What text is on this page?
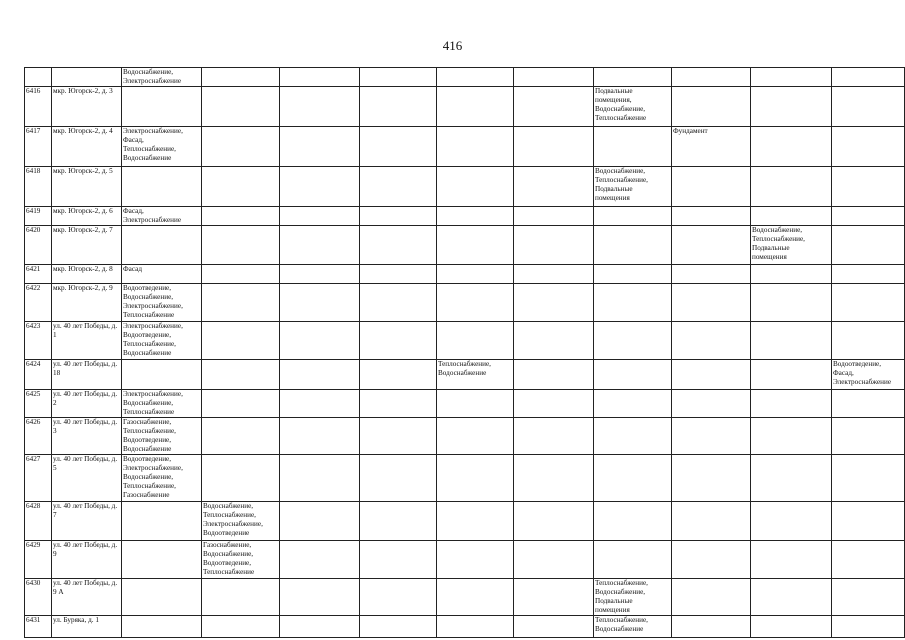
416

		Водоснабжение,
Электроснабжение										

6416	мкр. Югорск-2, д. 3							Подвальные
помещения,
Водоснабжение,
Теплоснабжение				

6417	мкр. Югорск-2, д. 4	Электроснабжение,
Фасад,
Теплоснабжение,
Водоснабжение							Фундамент			

6418	мкр. Югорск-2, д. 5							Водоснабжение,
Теплоснабжение,
Подвальные
помещения				

6419	мкр. Югорск-2, д. 6	Фасад,
Электроснабжение										

6420	мкр. Югорск-2, д. 7									Водоснабжение,
Теплоснабжение,
Подвальные
помещения		

6421	мкр. Югорск-2, д. 8	Фасад										

6422	мкр. Югорск-2, д. 9	Водоотведение,
Водоснабжение,
Электроснабжение,
Теплоснабжение										

6423	ул. 40 лет Победы, д. 1	Электроснабжение,
Водоотведение,
Теплоснабжение,
Водоснабжение										

6424	ул. 40 лет Победы, д. 18					Теплоснабжение,
Водоснабжение					Водоотведение,
Фасад,
Электроснабжение	

6425	ул. 40 лет Победы, д. 2	Электроснабжение,
Водоснабжение,
Теплоснабжение										

6426	ул. 40 лет Победы, д. 3	Газоснабжение,
Теплоснабжение,
Водоотведение,
Водоснабжение										

6427	ул. 40 лет Победы, д. 5	Водоотведение,
Электроснабжение,
Водоснабжение,
Теплоснабжение,
Газоснабжение										

6428	ул. 40 лет Победы, д. 7		Водоснабжение,
Теплоснабжение,
Электроснабжение,
Водоотведение									

6429	ул. 40 лет Победы, д. 9		Газоснабжение,
Водоснабжение,
Водоотведение,
Теплоснабжение									

6430	ул. 40 лет Победы, д. 9 А							Теплоснабжение,
Водоснабжение,
Подвальные
помещения				

6431	ул. Буряка, д. 1							Теплоснабжение,
Водоснабжение				
